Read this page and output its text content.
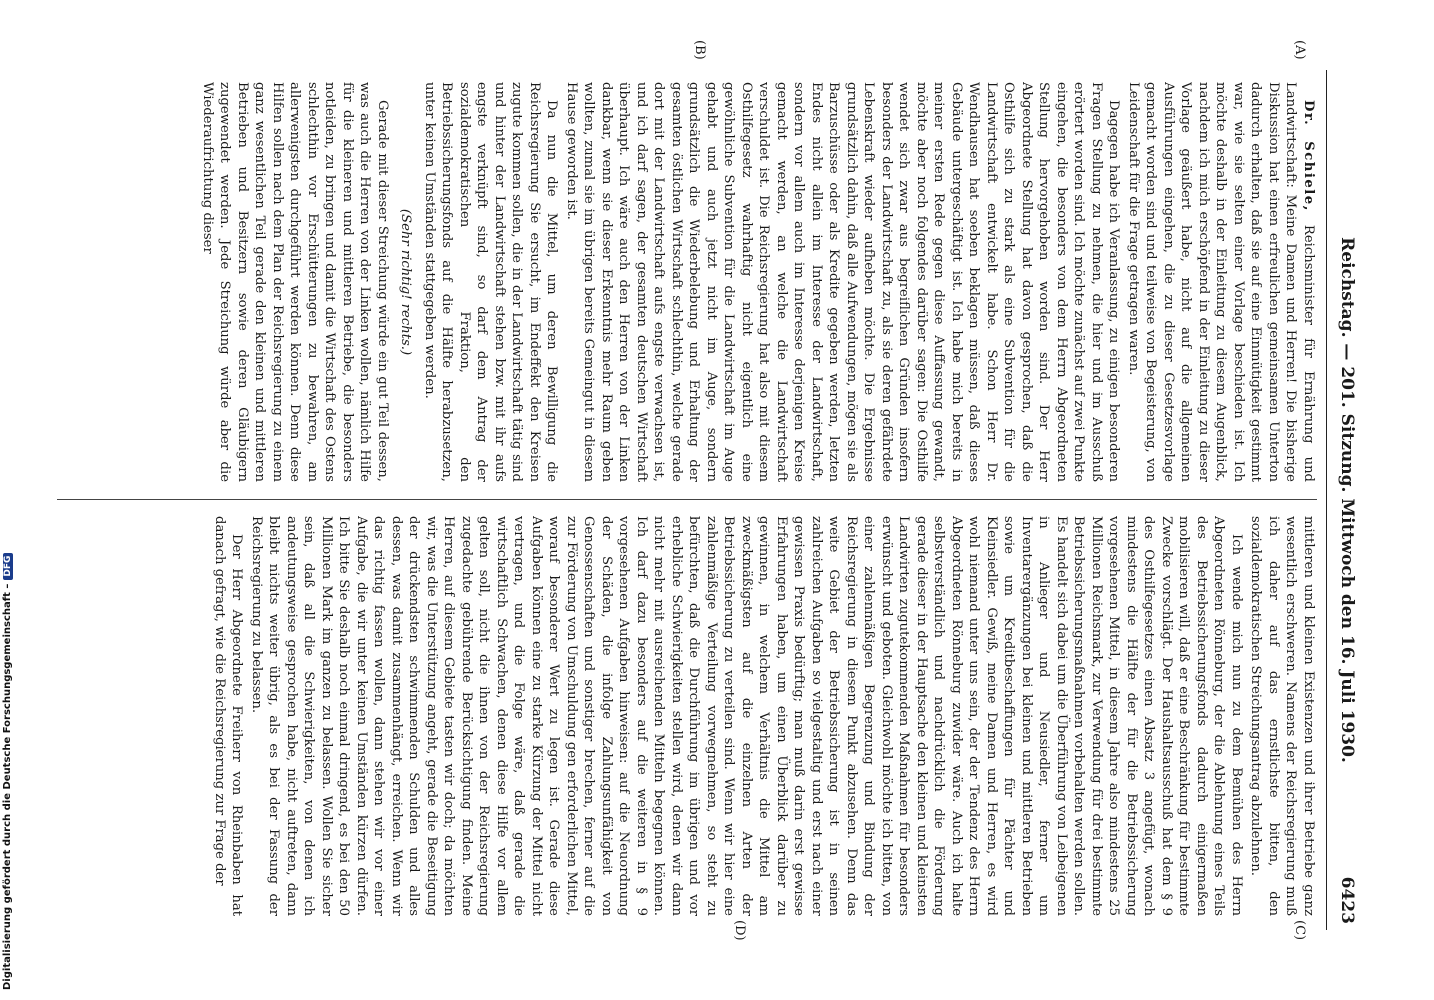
Reichstag. — 201. Sitzung. Mittwoch den 16. Juli 1930.
6423
(A)
(B)
(C)
(D)

Dr. Schiele, Reichsminister für Ernährung und Landwirtschaft: Meine Damen und Herren! Die bisherige Diskussion hat einen erfreulichen gemeinsamen Unterton dadurch erhalten, daß sie auf eine Einmütigkeit gestimmt war, wie sie selten einer Vorlage beschieden ist. Ich möchte deshalb in der Einleitung zu diesem Augenblick, nachdem ich mich erschöpfend in der Einleitung zu dieser Vorlage geäußert habe, nicht auf die allgemeinen Ausführungen eingehen, die zu dieser Gesetzesvorlage gemacht worden sind und teilweise von Begeisterung, von Leidenschaft für die Frage getragen waren.

Dagegen habe ich Veranlassung, zu einigen besonderen Fragen Stellung zu nehmen, die hier und im Ausschuß erörtert worden sind. Ich möchte zunächst auf zwei Punkte eingehen, die besonders von dem Herrn Abgeordneten Stellung hervorgehoben worden sind. Der Herr Abgeordnete Stellung hat davon gesprochen, daß die Osthilfe sich zu stark als eine Subvention für die Landwirtschaft entwickelt habe. Schon Herr Dr. Wendhausen hat soeben beklagen müssen, daß dieses Gebäude untergeschäftigt ist. Ich habe mich bereits in meiner ersten Rede gegen diese Auffassung gewandt, möchte aber noch folgendes darüber sagen: Die Osthilfe wendet sich zwar aus begreiflichen Gründen insofern besonders der Landwirtschaft zu, als sie deren gefährdete Lebenskraft wieder aufheben möchte. Die Ergebnisse grundsätzlich dahin, daß alle Aufwendungen, mögen sie als Barzuschüsse oder als Kredite gegeben werden, letzten Endes nicht allein im Interesse der Landwirtschaft, sondern vor allem auch im Interesse derjenigen Kreise gemacht werden, an welche die Landwirtschaft verschuldet ist. Die Reichsregierung hat also mit diesem Osthilfegesetz wahrhaftig nicht eigentlich eine gewöhnliche Subvention für die Landwirtschaft im Auge gehabt und auch jetzt nicht im Auge, sondern grundsätzlich die Wiederbelebung und Erhaltung der gesamten östlichen Wirtschaft schlechthin, welche gerade dort mit der Landwirtschaft aufs engste verwachsen ist, und ich darf sagen, der gesamten deutschen Wirtschaft überhaupt. Ich wäre auch den Herren von der Linken dankbar, wenn sie dieser Erkenntnis mehr Raum geben wollten, zumal sie im übrigen bereits Gemeingut in diesem Hause geworden ist.

Da nun die Mittel, um deren Bewilligung die Reichsregierung Sie ersucht, im Endeffekt den Kreisen zugute kommen sollen, die in der Landwirtschaft tätig sind und hinter der Landwirtschaft stehen bzw. mit ihr aufs engste verknüpft sind, so darf dem Antrag der sozialdemokratischen Fraktion, den Betriebssicherungsfonds auf die Hälfte herabzusetzen, unter keinen Umständen stattgegeben werden.

(Sehr richtig! rechts.)

Gerade mit dieser Streichung würde ein gut Teil dessen, was auch die Herren von der Linken wollen, nämlich Hilfe für die kleineren und mittleren Betriebe, die besonders notleiden, zu bringen und damit die Wirtschaft des Ostens schlechthin vor Erschütterungen zu bewahren, am allerwenigsten durchgeführt werden können. Denn diese Hilfen sollen nach dem Plan der Reichsregierung zu einem ganz wesentlichen Teil gerade den kleinen und mittleren Betrieben und Besitzern sowie deren Gläubigern zugewendet werden. Jede Streichung würde aber die Wiederaufrichtung dieser

mittleren und kleinen Existenzen und ihrer Betriebe ganz wesentlich erschweren. Namens der Reichsregierung muß ich daher auf das ernstlichste bitten, den sozialdemokratischen Streichungsantrag abzulehnen.

Ich wende mich nun zu dem Bemühen des Herrn Abgeordneten Rönneburg, der die Ablehnung eines Teils des Betriebssicherungsfonds dadurch einigermaßen mobilisieren will, daß er eine Beschränkung für bestimmte Zwecke vorschlägt. Der Haushaltsausschuß hat dem § 9 des Osthilfegesetzes einen Absatz 3 angefügt, wonach mindestens die Hälfte der für die Betriebssicherung vorgesehenen Mittel, in diesem Jahre also mindestens 25 Millionen Reichsmark, zur Verwendung für drei bestimmte Betriebssicherungsmaßnahmen vorbehalten werden sollen. Es handelt sich dabei um die Überführung von Leibeigenen in Anlieger und Neusiedler, ferner um Inventarergänzungen bei kleinen und mittleren Betrieben sowie um Kreditbeschaffungen für Pächter und Kleinsiedler. Gewiß, meine Damen und Herren, es wird wohl niemand unter uns sein, der der Tendenz des Herrn Abgeordneten Rönneburg zuwider wäre. Auch ich halte selbstverständlich und nachdrücklich die Förderung gerade dieser in der Hauptsache den kleinen und kleinsten Landwirten zugutekommenden Maßnahmen für besonders erwünscht und geboten. Gleichwohl möchte ich bitten, von einer zahlenmäßigen Begrenzung und Bindung der Reichsregierung in diesem Punkt abzusehen. Denn das weite Gebiet der Betriebssicherung ist in seinen zahlreichen Aufgaben so vielgestaltig und erst nach einer gewissen Praxis bedürftig; man muß darin erst gewisse Erfahrungen haben, um einen Überblick darüber zu gewinnen, in welchem Verhältnis die Mittel am zweckmäßigsten auf die einzelnen Arten der Betriebssicherung zu verteilen sind. Wenn wir hier eine zahlenmäßige Verteilung vorwegnehmen, so steht zu befürchten, daß die Durchführung im übrigen und vor erhebliche Schwierigkeiten stellen wird, denen wir dann nicht mehr mit ausreichenden Mitteln begegnen können. Ich darf dazu besonders auf die weiteren in § 9 vorgesehenen Aufgaben hinweisen: auf die Neuordnung der Schäden, die infolge Zahlungsunfähigkeit von Genossenschaften und sonstiger brechen, ferner auf die zur Förderung von Umschuldung gen erforderlichen Mittel, worauf besonderer Wert zu legen ist. Gerade diese Aufgaben können eine zu starke Kürzung der Mittel nicht vertragen, und die Folge wäre, daß gerade die wirtschaftlich Schwachen, denen diese Hilfe vor allem gelten soll, nicht die ihnen von der Reichsregierung zugedachte gebührende Berücksichtigung finden. Meine Herren, auf diesem Gebiete tasten wir doch; da möchten wir, was die Unterstützung angeht, gerade die Beseitigung der drückendsten schwimmenden Schulden und alles dessen, was damit zusammenhängt, erreichen. Wenn wir das richtig fassen wollen, dann stehen wir vor einer Aufgabe, die wir unter keinen Umständen kürzen dürfen. Ich bitte Sie deshalb noch einmal dringend, es bei den 50 Millionen Mark im ganzen zu belassen. Wollen Sie sicher sein, daß all die Schwierigkeiten, von denen ich andeutungsweise gesprochen habe, nicht auftreten, dann bleibt nichts weiter übrig, als es bei der Fassung der Reichsregierung zu belassen.

Der Herr Abgeordnete Freiherr von Rheinbaben hat danach gefragt, wie die Reichsregierung zur Frage der

Digitalisierung gefördert durch die Deutsche Forschungsgemeinschaft –DFG
